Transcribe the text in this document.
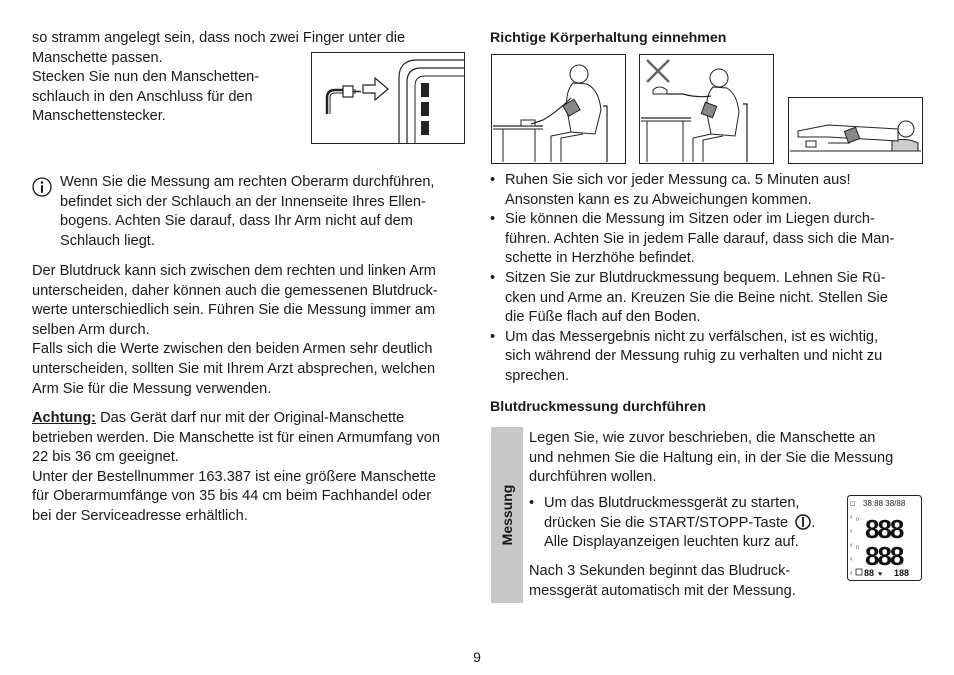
so stramm angelegt sein, dass noch zwei Finger unter die

Manschette passen.

Stecken Sie nun den Manschetten-

schlauch in den Anschluss für den

Manschettenstecker.

Wenn Sie die Messung am rechten Oberarm durchführen,

befindet sich der Schlauch an der Innenseite Ihres Ellen-

bogens. Achten Sie darauf, dass Ihr Arm nicht auf dem

Schlauch liegt.

Der Blutdruck kann sich zwischen dem rechten und linken Arm

unterscheiden, daher können auch die gemessenen Blutdruck-

werte unterschiedlich sein. Führen Sie die Messung immer am

selben Arm durch.

Falls sich die Werte zwischen den beiden Armen sehr deutlich

unterscheiden, sollten Sie mit Ihrem Arzt absprechen, welchen

Arm Sie für die Messung verwenden.

Achtung: Das Gerät darf nur mit der Original-Manschette

betrieben werden. Die Manschette ist für einen Armumfang von

22 bis 36 cm geeignet.

Unter der Bestellnummer 163.387 ist eine größere Manschette

für Oberarmumfänge von 35 bis 44 cm beim Fachhandel oder

bei der Serviceadresse erhältlich.

Richtige Körperhaltung einnehmen

• Ruhen Sie sich vor jeder Messung ca. 5 Minuten aus!
Ansonsten kann es zu Abweichungen kommen.
• Sie können die Messung im Sitzen oder im Liegen durch-
führen. Achten Sie in jedem Falle darauf, dass sich die Man-
schette in Herzhöhe befindet.
• Sitzen Sie zur Blutdruckmessung bequem. Lehnen Sie Rü-
cken und Arme an. Kreuzen Sie die Beine nicht. Stellen Sie
die Füße flach auf den Boden.
• Um das Messergebnis nicht zu verfälschen, ist es wichtig,
sich während der Messung ruhig zu verhalten und nicht zu
sprechen.

Blutdruckmessung durchführen

Messung

Legen Sie, wie zuvor beschrieben, die Manschette an

und nehmen Sie die Haltung ein, in der Sie die Messung

durchführen wollen.

• Um das Blutdruckmessgerät zu starten,
drücken Sie die START/STOPP-Taste .
Alle Displayanzeigen leuchten kurz auf.

Nach 3 Sekunden beginnt das Bludruck-

messgerät automatisch mit der Messung.

38:88 38/88
☐
‹
‹
‹
‹
‹
∩
∩
888
888
88 ♥ 188
9
